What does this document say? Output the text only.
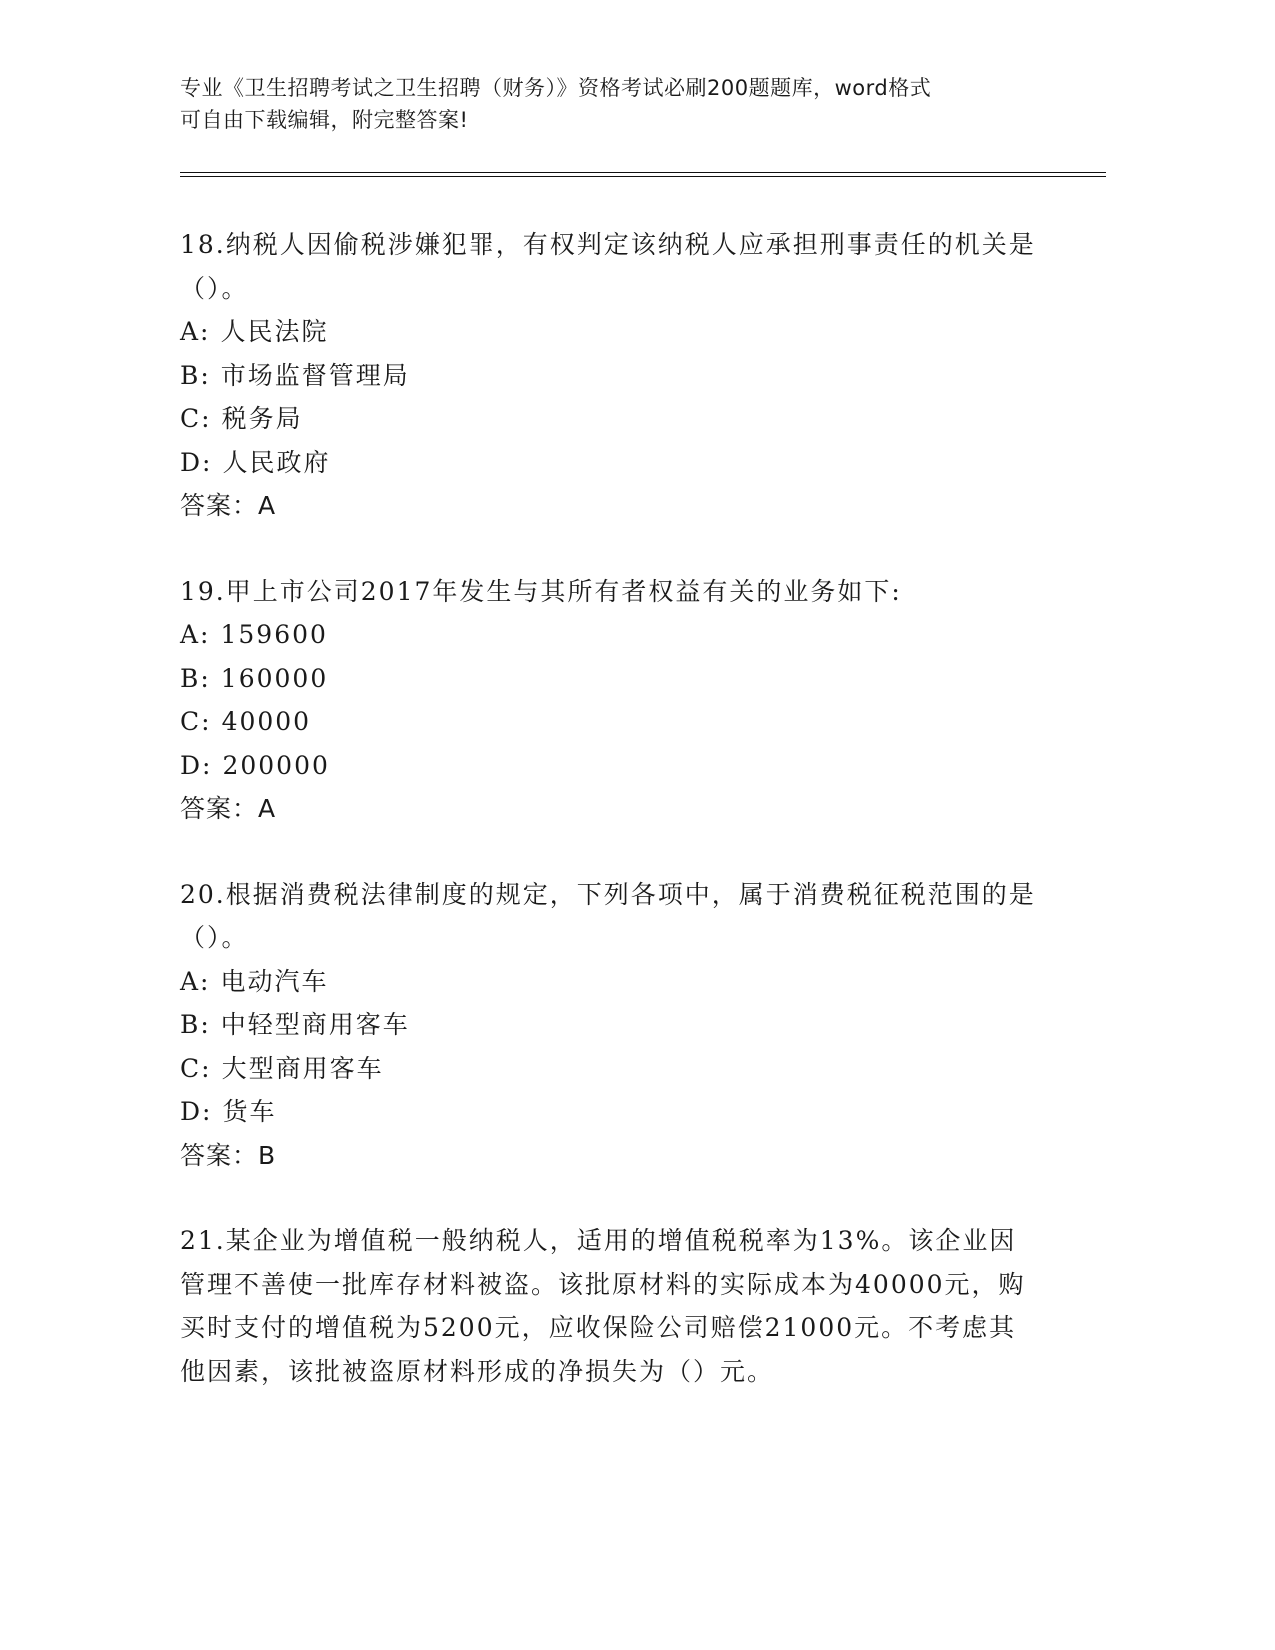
专业《卫生招聘考试之卫生招聘（财务）》资格考试必刷200题题库，word格式
可自由下载编辑，附完整答案!
18.纳税人因偷税涉嫌犯罪，有权判定该纳税人应承担刑事责任的机关是（）。
A: 人民法院
B: 市场监督管理局
C: 税务局
D: 人民政府
答案：A
19.甲上市公司2017年发生与其所有者权益有关的业务如下:
A: 159600
B: 160000
C: 40000
D: 200000
答案：A
20.根据消费税法律制度的规定，下列各项中，属于消费税征税范围的是（）。
A: 电动汽车
B: 中轻型商用客车
C: 大型商用客车
D: 货车
答案：B
21.某企业为增值税一般纳税人，适用的增值税税率为13%。该企业因管理不善使一批库存材料被盗。该批原材料的实际成本为40000元，购买时支付的增值税为5200元，应收保险公司赔偿21000元。不考虑其他因素，该批被盗原材料形成的净损失为（）元。
